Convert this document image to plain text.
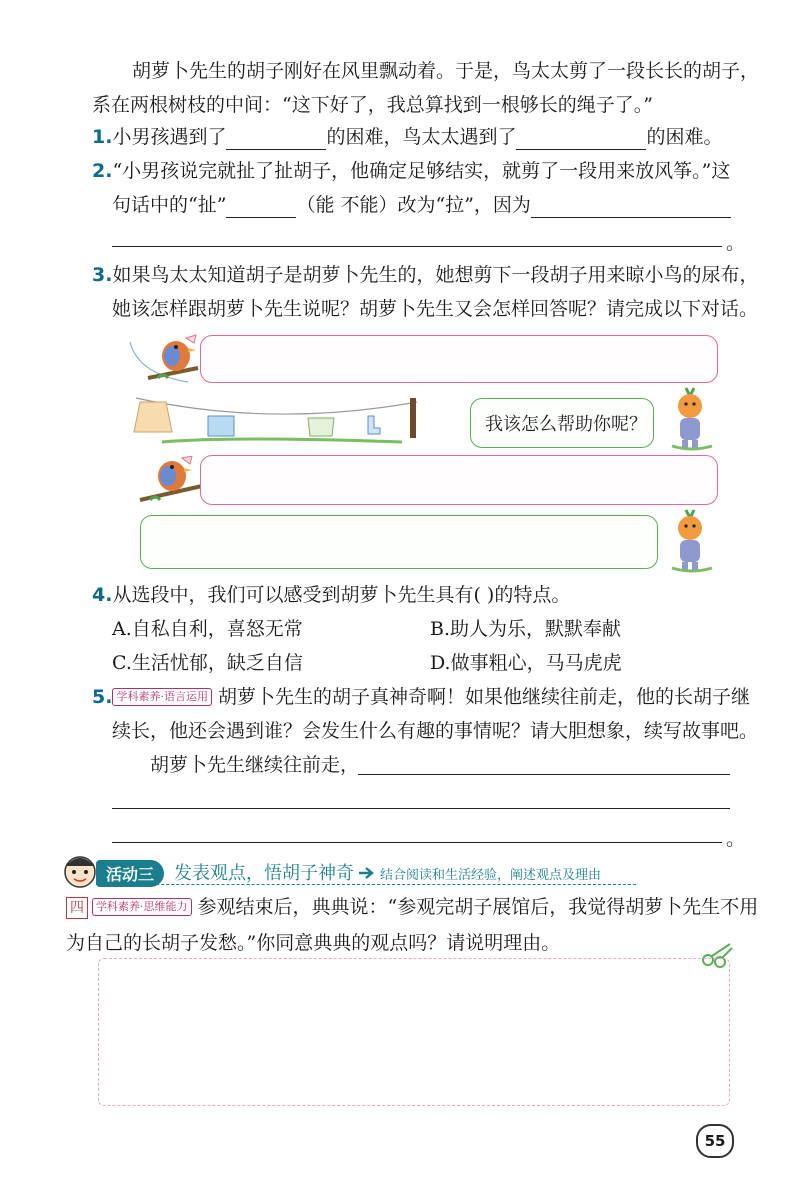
胡萝卜先生的胡子刚好在风里飘动着。于是，鸟太太剪了一段长长的胡子，
系在两根树枝的中间：“这下好了，我总算找到一根够长的绳子了。”
1.小男孩遇到了	的困难，鸟太太遇到了	的困难。
2.“小男孩说完就扯了扯胡子，他确定足够结实，就剪了一段用来放风筝。”这
句话中的“扯”	（能 不能）改为“拉”，因为
。
3.如果鸟太太知道胡子是胡萝卜先生的，她想剪下一段胡子用来晾小鸟的尿布，
她该怎样跟胡萝卜先生说呢？胡萝卜先生又会怎样回答呢？请完成以下对话。
我该怎么帮助你呢？
4.从选段中，我们可以感受到胡萝卜先生具有( )的特点。
A.自私自利，喜怒无常	B.助人为乐，默默奉献
C.生活忧郁，缺乏自信	D.做事粗心，马马虎虎
5. 学科素养·语言运用 胡萝卜先生的胡子真神奇啊！如果他继续往前走，他的长胡子继
续长，他还会遇到谁？会发生什么有趣的事情呢？请大胆想象，续写故事吧。
胡萝卜先生继续往前走，
。
活动三	发表观点，悟胡子神奇 结合阅读和生活经验，阐述观点及理由
四	学科素养·思维能力 参观结束后，典典说：“参观完胡子展馆后，我觉得胡萝卜先生不用
为自己的长胡子发愁。”你同意典典的观点吗？请说明理由。
55
